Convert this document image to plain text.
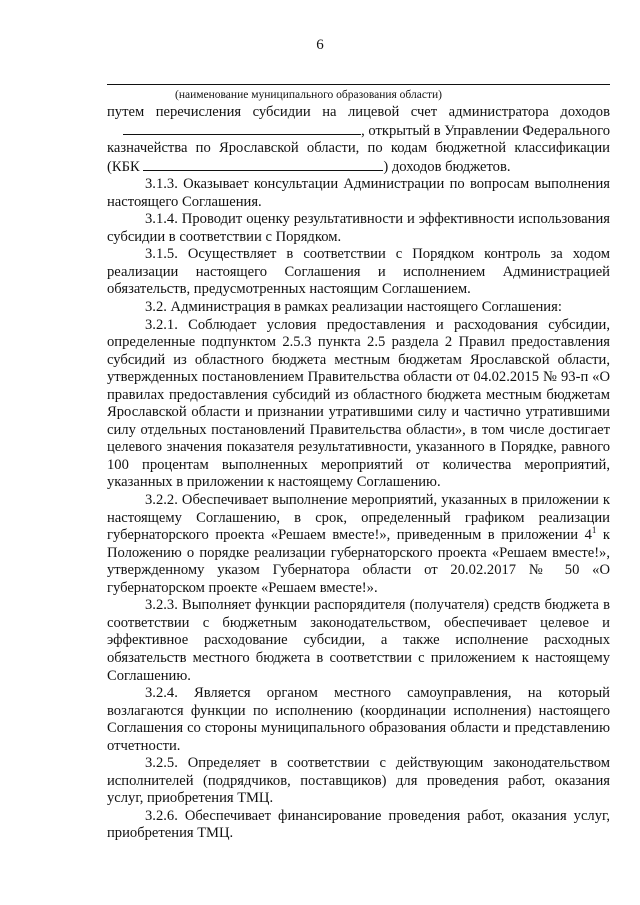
6
(наименование муниципального образования области)

путем перечисления субсидии на лицевой счет администратора доходов

, открытый в Управлении Федерального

казначейства по Ярославской области, по кодам бюджетной классификации

(КБК	) доходов бюджетов.

3.1.3. Оказывает консультации Администрации по вопросам выполнения настоящего Соглашения.

3.1.4. Проводит оценку результативности и эффективности использования субсидии в соответствии с Порядком.

3.1.5. Осуществляет в соответствии с Порядком контроль за ходом реализации настоящего Соглашения и исполнением Администрацией обязательств, предусмотренных настоящим Соглашением.

3.2. Администрация в рамках реализации настоящего Соглашения:

3.2.1. Соблюдает условия предоставления и расходования субсидии, определенные подпунктом 2.5.3 пункта 2.5 раздела 2 Правил предоставления субсидий из областного бюджета местным бюджетам Ярославской области, утвержденных постановлением Правительства области от 04.02.2015 № 93-п «О правилах предоставления субсидий из областного бюджета местным бюджетам Ярославской области и признании утратившими силу и частично утратившими силу отдельных постановлений Правительства области», в том числе достигает целевого значения показателя результативности, указанного в Порядке, равного 100 процентам выполненных мероприятий от количества мероприятий, указанных в приложении к настоящему Соглашению.

3.2.2. Обеспечивает выполнение мероприятий, указанных в приложении к настоящему Соглашению, в срок, определенный графиком реализации губернаторского проекта «Решаем вместе!», приведенным в приложении $4^1$ к Положению о порядке реализации губернаторского проекта «Решаем вместе!», утвержденному указом Губернатора области от 20.02.2017 № 50 «О губернаторском проекте «Решаем вместе!».

3.2.3. Выполняет функции распорядителя (получателя) средств бюджета в соответствии с бюджетным законодательством, обеспечивает целевое и эффективное расходование субсидии, а также исполнение расходных обязательств местного бюджета в соответствии с приложением к настоящему Соглашению.

3.2.4. Является органом местного самоуправления, на который возлагаются функции по исполнению (координации исполнения) настоящего Соглашения со стороны муниципального образования области и представлению отчетности.

3.2.5. Определяет в соответствии с действующим законодательством исполнителей (подрядчиков, поставщиков) для проведения работ, оказания услуг, приобретения ТМЦ.

3.2.6. Обеспечивает финансирование проведения работ, оказания услуг, приобретения ТМЦ.
